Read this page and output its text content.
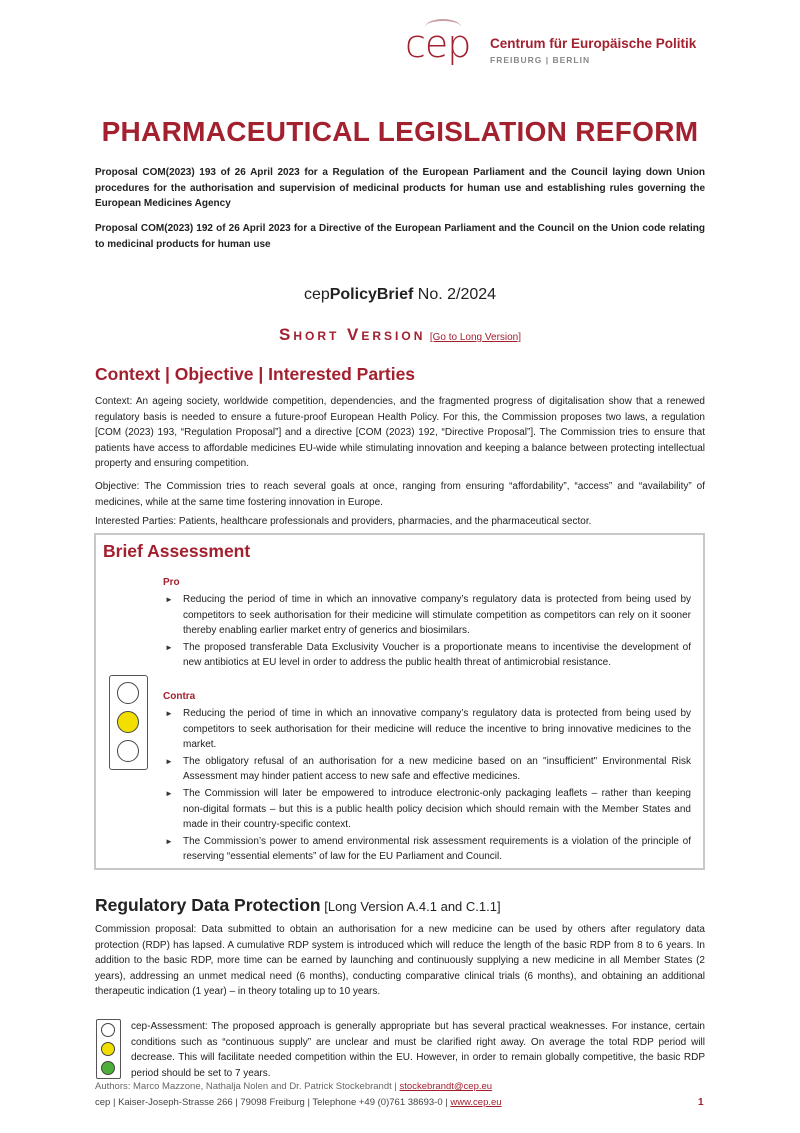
cep Centrum für Europäische Politik
FREIBURG | BERLIN
PHARMACEUTICAL LEGISLATION REFORM
Proposal COM(2023) 193 of 26 April 2023 for a Regulation of the European Parliament and the Council laying down Union procedures for the authorisation and supervision of medicinal products for human use and establishing rules governing the European Medicines Agency
Proposal COM(2023) 192 of 26 April 2023 for a Directive of the European Parliament and the Council on the Union code relating to medicinal products for human use
cepPolicyBrief No. 2/2024
Short Version [Go to Long Version]
Context | Objective | Interested Parties
Context: An ageing society, worldwide competition, dependencies, and the fragmented progress of digitalisation show that a renewed regulatory basis is needed to ensure a future-proof European Health Policy. For this, the Commission proposes two laws, a regulation [COM (2023) 193, “Regulation Proposal”] and a directive [COM (2023) 192, “Directive Proposal”]. The Commission tries to ensure that patients have access to affordable medicines EU-wide while stimulating innovation and keeping a balance between protecting intellectual property and ensuring competition.
Objective: The Commission tries to reach several goals at once, ranging from ensuring “affordability”, “access” and “availability” of medicines, while at the same time fostering innovation in Europe.
Interested Parties: Patients, healthcare professionals and providers, pharmacies, and the pharmaceutical sector.
Brief Assessment
Pro
► Reducing the period of time in which an innovative company’s regulatory data is protected from being used by competitors to seek authorisation for their medicine will stimulate competition as competitors can rely on it sooner thereby enabling earlier market entry of generics and biosimilars.
► The proposed transferable Data Exclusivity Voucher is a proportionate means to incentivise the development of new antibiotics at EU level in order to address the public health threat of antimicrobial resistance.
Contra
► Reducing the period of time in which an innovative company’s regulatory data is protected from being used by competitors to seek authorisation for their medicine will reduce the incentive to bring innovative medicines to the market.
► The obligatory refusal of an authorisation for a new medicine based on an "insufficient" Environmental Risk Assessment may hinder patient access to new safe and effective medicines.
► The Commission will later be empowered to introduce electronic-only packaging leaflets – rather than keeping non-digital formats – but this is a public health policy decision which should remain with the Member States and made in their country-specific context.
► The Commission’s power to amend environmental risk assessment requirements is a violation of the principle of reserving “essential elements” of law for the EU Parliament and Council.
Regulatory Data Protection [Long Version A.4.1 and C.1.1]
Commission proposal: Data submitted to obtain an authorisation for a new medicine can be used by others after regulatory data protection (RDP) has lapsed. A cumulative RDP system is introduced which will reduce the length of the basic RDP from 8 to 6 years. In addition to the basic RDP, more time can be earned by launching and continuously supplying a new medicine in all Member States (2 years), addressing an unmet medical need (6 months), conducting comparative clinical trials (6 months), and obtaining an additional therapeutic indication (1 year) – in theory totaling up to 10 years.
cep-Assessment: The proposed approach is generally appropriate but has several practical weaknesses. For instance, certain conditions such as “continuous supply” are unclear and must be clarified right away. On average the total RDP period will decrease. This will facilitate needed competition within the EU. However, in order to remain globally competitive, the basic RDP period should be set to 7 years.
Authors: Marco Mazzone, Nathalja Nolen and Dr. Patrick Stockebrandt | stockebrandt@cep.eu
cep | Kaiser-Joseph-Strasse 266 | 79098 Freiburg | Telephone +49 (0)761 38693-0 | www.cep.eu	1
